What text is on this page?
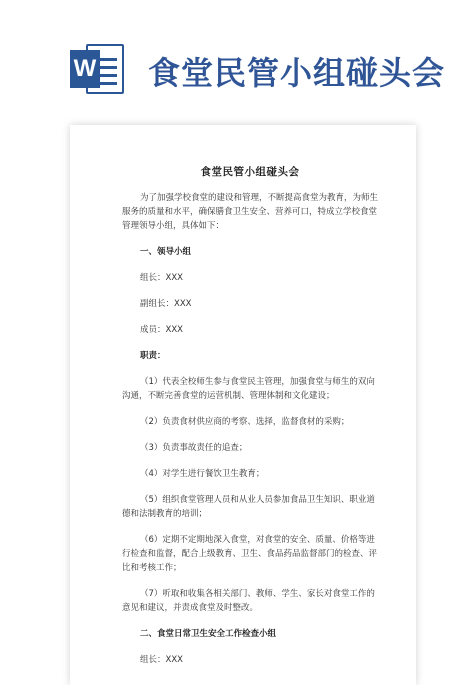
W 食堂民管小组碰头会
食堂民管小组碰头会

为了加强学校食堂的建设和管理，不断提高食堂为教育，为师生服务的质量和水平，确保膳食卫生安全、营养可口，特成立学校食堂管理领导小组，具体如下：

一、领导小组

组长：XXX

副组长：XXX

成员：XXX

职责：

（1）代表全校师生参与食堂民主管理，加强食堂与师生的双向沟通，不断完善食堂的运营机制、管理体制和文化建设；

（2）负责食材供应商的考察、选择，监督食材的采购；

（3）负责事故责任的追查；

（4）对学生进行餐饮卫生教育；

（5）组织食堂管理人员和从业人员参加食品卫生知识、职业道德和法制教育的培训；

（6）定期不定期地深入食堂，对食堂的安全、质量、价格等进行检查和监督，配合上级教育、卫生、食品药品监督部门的检查、评比和考核工作；

（7）听取和收集各相关部门、教师、学生、家长对食堂工作的意见和建议，并责成食堂及时整改。

二、食堂日常卫生安全工作检查小组

组长：XXX
